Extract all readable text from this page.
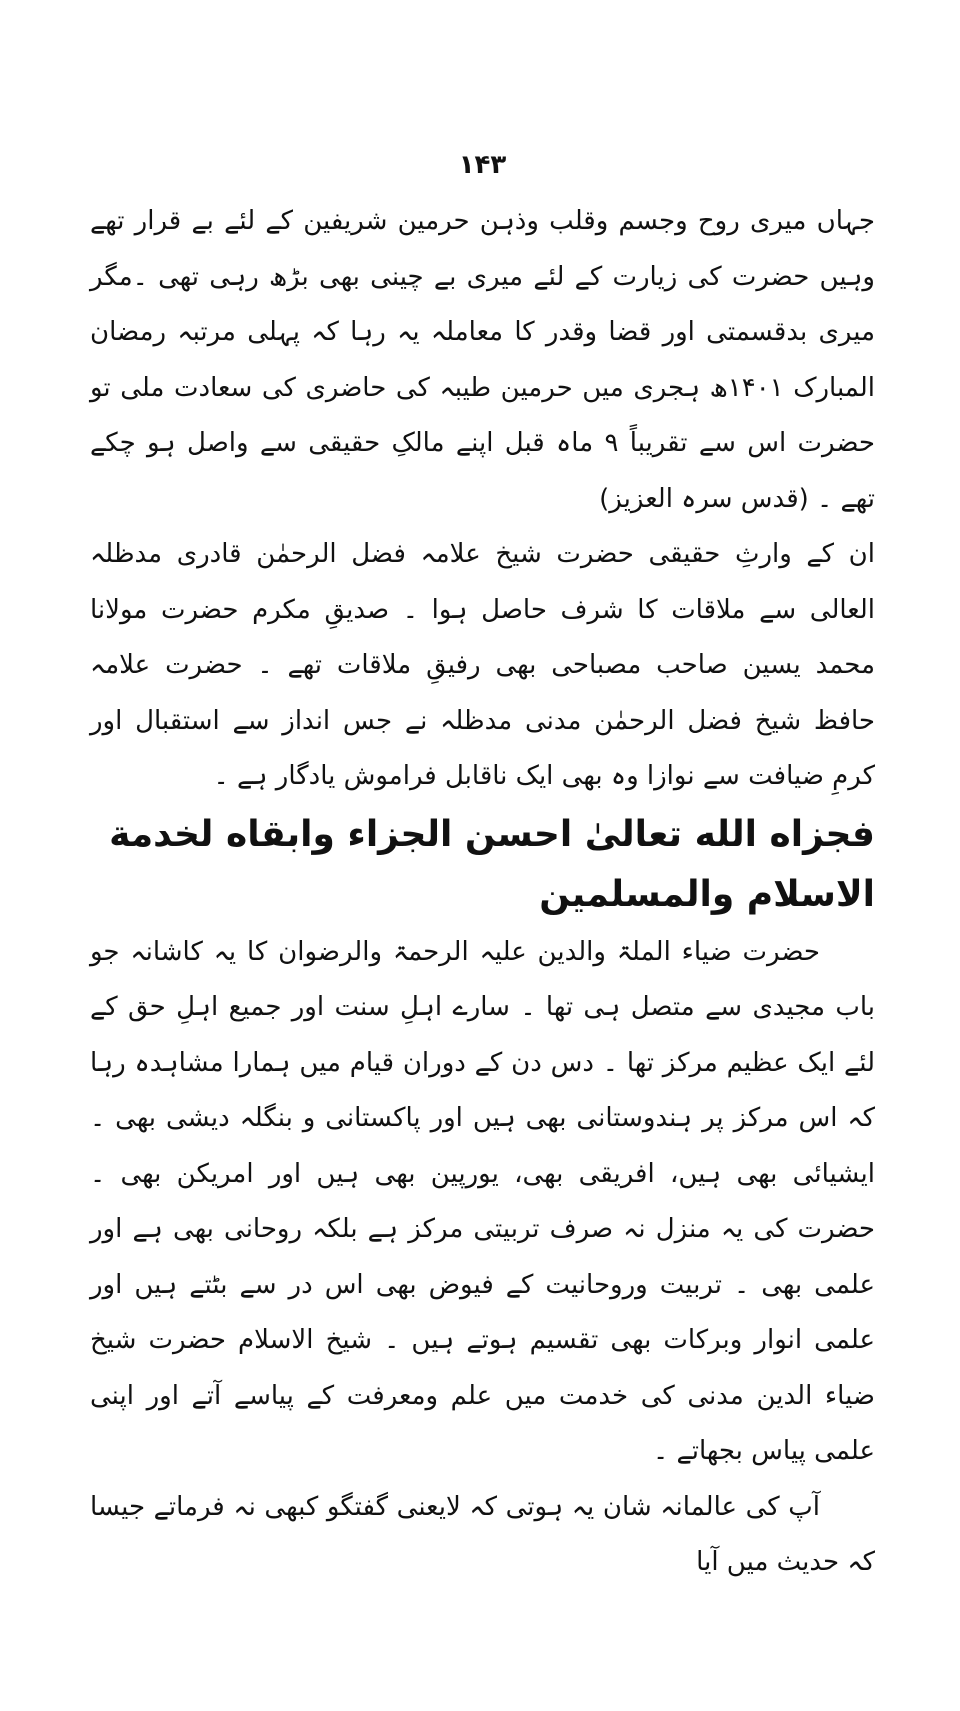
۱۴۳

جہاں میری روح وجسم وقلب وذہن حرمین شریفین کے لئے بے قرار تھے وہیں حضرت کی زیارت کے لئے میری بے چینی بھی بڑھ رہی تھی ۔مگر میری بدقسمتی اور قضا وقدر کا معاملہ یہ رہا کہ پہلی مرتبہ رمضان المبارک ۱۴۰۱ھ ہجری میں حرمین طیبہ کی حاضری کی سعادت ملی تو حضرت اس سے تقریباً ۹ ماہ قبل اپنے مالکِ حقیقی سے واصل ہو چکے تھے ۔ (قدس سرہ العزیز)

ان کے وارثِ حقیقی حضرت شیخ علامہ فضل الرحمٰن قادری مدظلہ العالی سے ملاقات کا شرف حاصل ہوا ۔ صدیقِ مکرم حضرت مولانا محمد یسین صاحب مصباحی بھی رفیقِ ملاقات تھے ۔ حضرت علامہ حافظ شیخ فضل الرحمٰن مدنی مدظلہ نے جس انداز سے استقبال اور کرمِ ضیافت سے نوازا وہ بھی ایک ناقابل فراموش یادگار ہے ۔

فجزاه الله تعالىٰ احسن الجزاء وابقاه لخدمة
الاسلام والمسلمين

حضرت ضیاء الملۃ والدین علیہ الرحمۃ والرضوان کا یہ کاشانہ جو باب مجیدی سے متصل ہی تھا ۔ سارے اہلِ سنت اور جمیع اہلِ حق کے لئے ایک عظیم مرکز تھا ۔ دس دن کے دوران قیام میں ہمارا مشاہدہ رہا کہ اس مرکز پر ہندوستانی بھی ہیں اور پاکستانی و بنگلہ دیشی بھی ۔ ایشیائی بھی ہیں، افریقی بھی، یورپین بھی ہیں اور امریکن بھی ۔ حضرت کی یہ منزل نہ صرف تربیتی مرکز ہے بلکہ روحانی بھی ہے اور علمی بھی ۔ تربیت وروحانیت کے فیوض بھی اس در سے بٹتے ہیں اور علمی انوار وبرکات بھی تقسیم ہوتے ہیں ۔ شیخ الاسلام حضرت شیخ ضیاء الدین مدنی کی خدمت میں علم ومعرفت کے پیاسے آتے اور اپنی علمی پیاس بجھاتے ۔

آپ کی عالمانہ شان یہ ہوتی کہ لایعنی گفتگو کبھی نہ فرماتے جیسا کہ حدیث میں آیا
